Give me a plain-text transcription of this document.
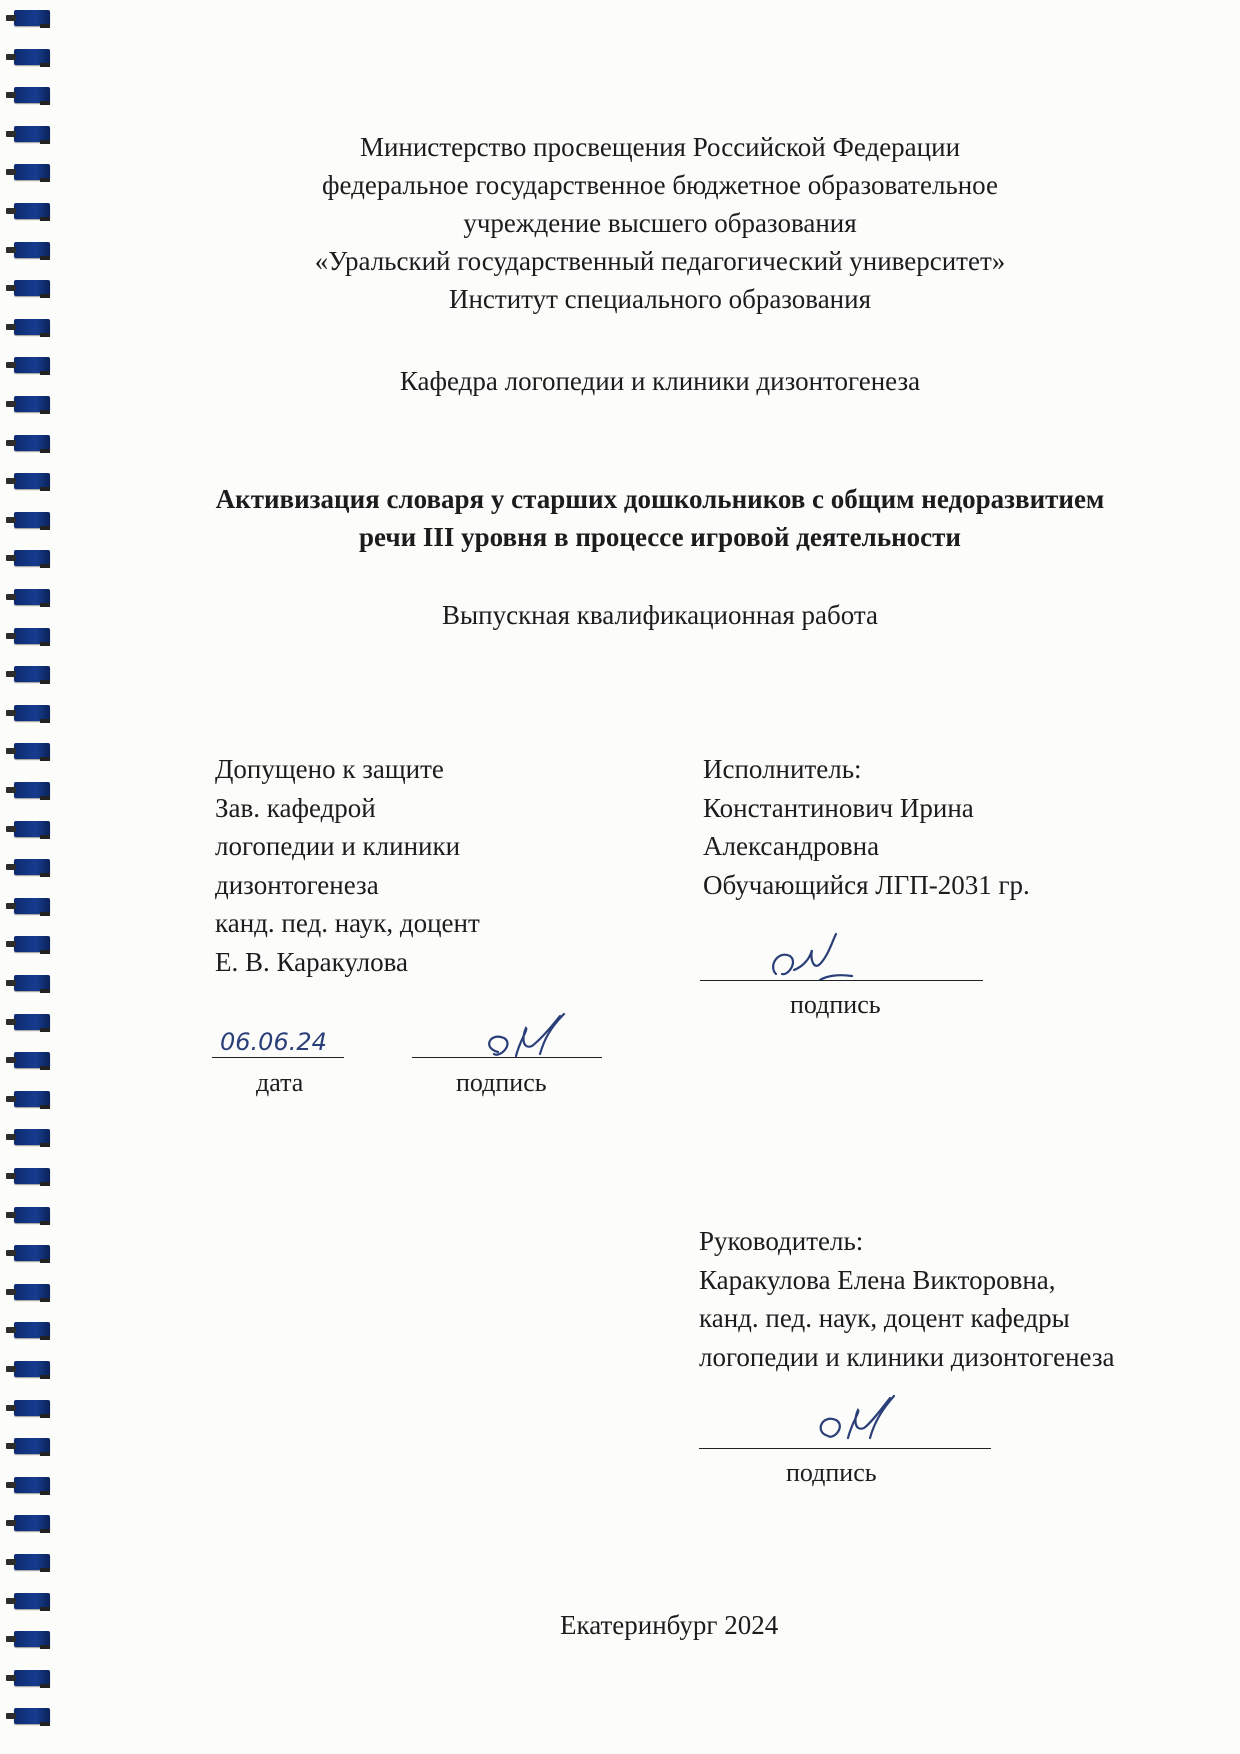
Министерство просвещения Российской Федерации
федеральное государственное бюджетное образовательное
учреждение высшего образования
«Уральский государственный педагогический университет»
Институт специального образования
Кафедра логопедии и клиники дизонтогенеза
Активизация словаря у старших дошкольников с общим недоразвитием
речи III уровня в процессе игровой деятельности
Выпускная квалификационная работа
Допущено к защите
Зав. кафедрой
логопедии и клиники
дизонтогенеза
канд. пед. наук, доцент
Е. В. Каракулова
06.06.24
дата	подпись
Исполнитель:
Константинович Ирина
Александровна
Обучающийся ЛГП-2031 гр.
подпись
Руководитель:
Каракулова Елена Викторовна,
канд. пед. наук, доцент кафедры
логопедии и клиники дизонтогенеза
подпись
Екатеринбург 2024
